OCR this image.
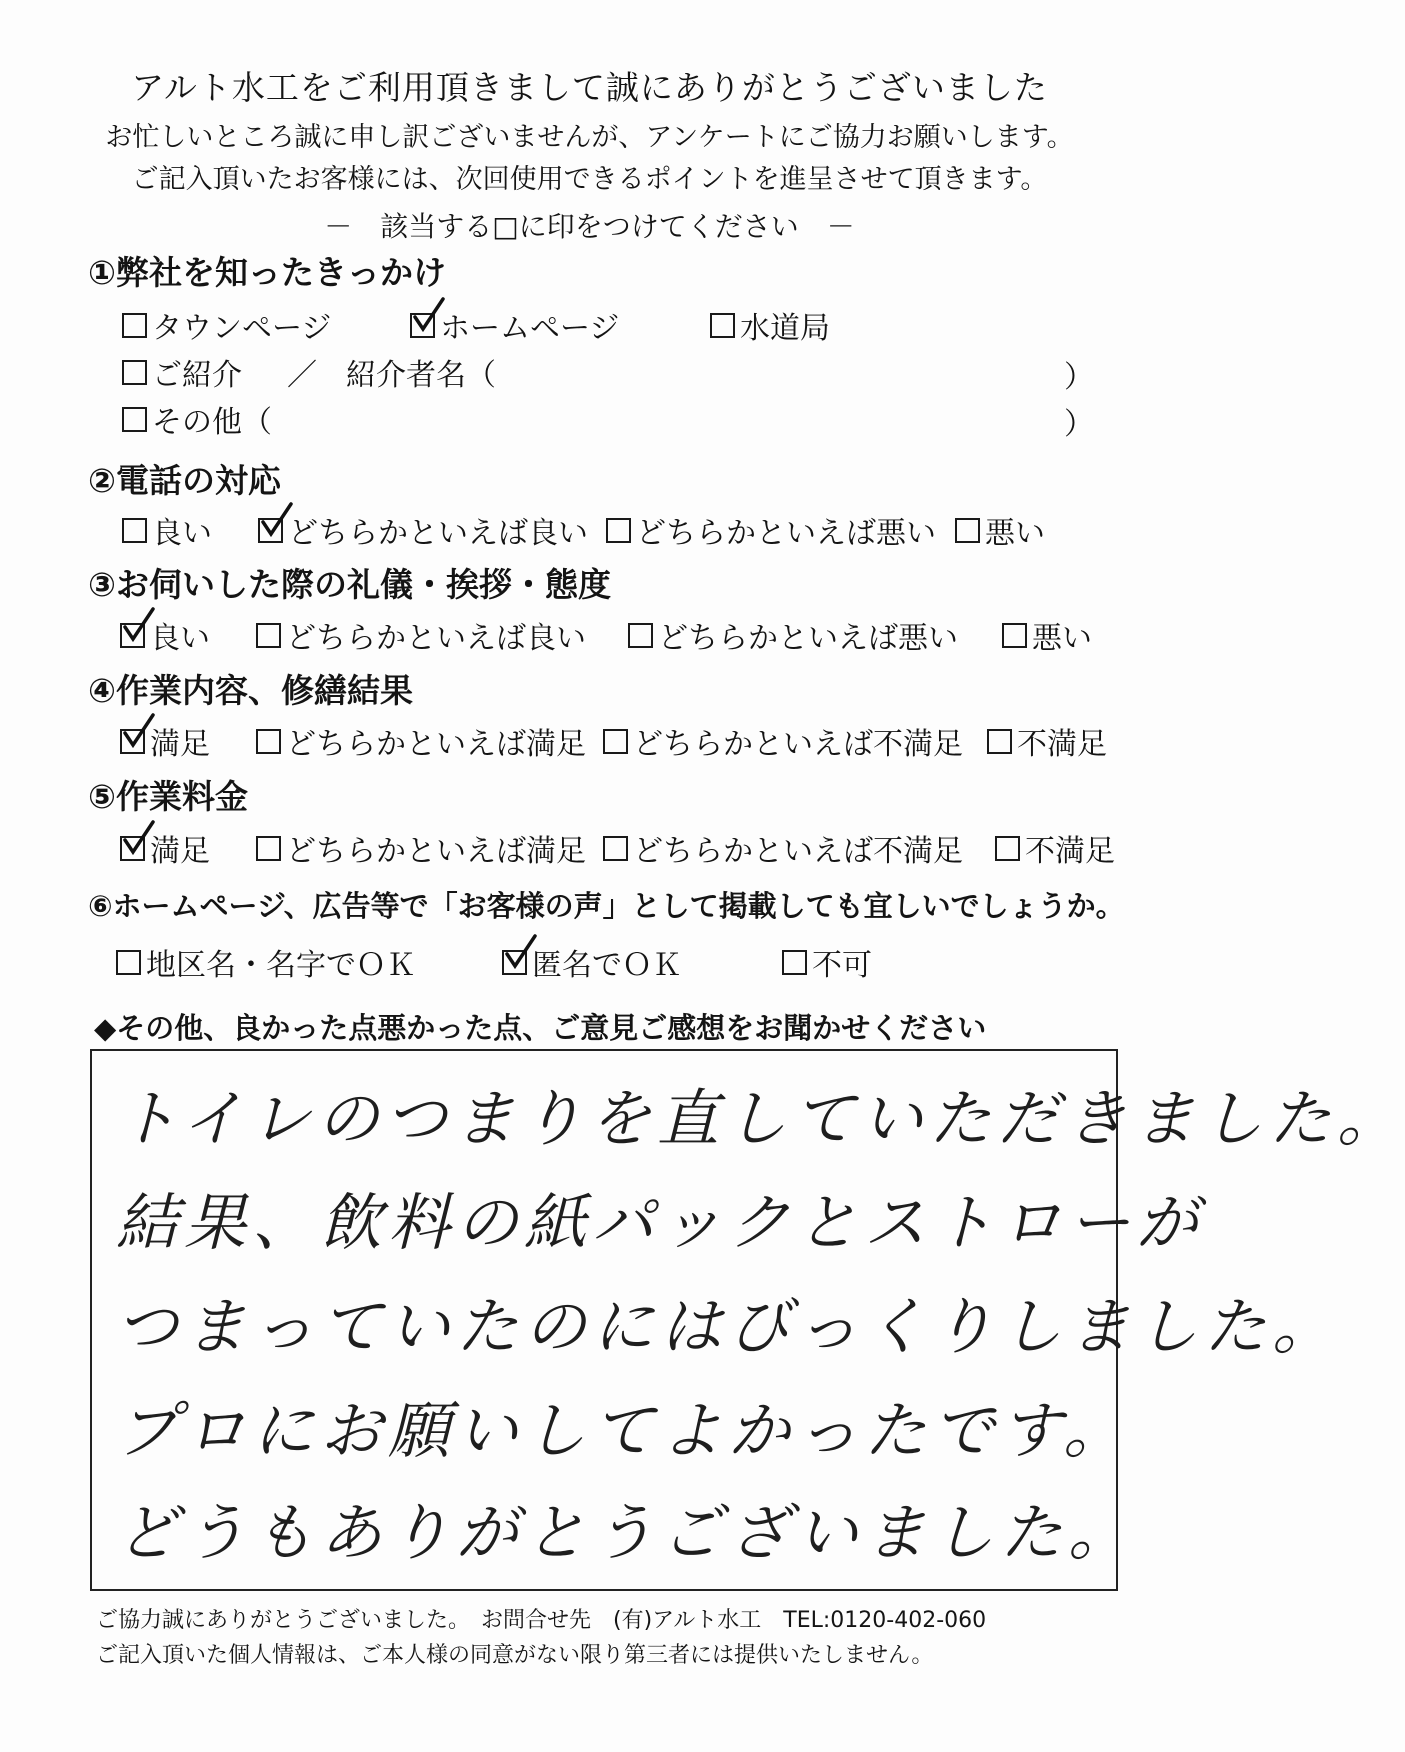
アルト水工をご利用頂きまして誠にありがとうございました
お忙しいところ誠に申し訳ございませんが、アンケートにご協力お願いします。
ご記入頂いたお客様には、次回使用できるポイントを進呈させて頂きます。
－　該当する□に印をつけてください　－
①弊社を知ったきっかけ
タウンページ	ホームページ	水道局
ご紹介 ／ 紹介者名（	）
その他（	）
②電話の対応
良い	どちらかといえば良い どちらかといえば悪い 悪い
③お伺いした際の礼儀・挨拶・態度
良い	どちらかといえば良い どちらかといえば悪い 悪い
④作業内容、修繕結果
満足	どちらかといえば満足 どちらかといえば不満足 不満足
⑤作業料金
満足	どちらかといえば満足 どちらかといえば不満足 不満足
⑥ホームページ、広告等で「お客様の声」として掲載しても宜しいでしょうか。
地区名・名字でＯＫ	匿名でＯＫ	不可
◆その他、良かった点悪かった点、ご意見ご感想をお聞かせください
トイレのつまりを直していただきました。
結果、飲料の紙パックとストローが
つまっていたのにはびっくりしました。
プロにお願いしてよかったです。
どうもありがとうございました。
ご協力誠にありがとうございました。　お問合せ先　(有)アルト水工　TEL:0120-402-060
ご記入頂いた個人情報は、ご本人様の同意がない限り第三者には提供いたしません。
